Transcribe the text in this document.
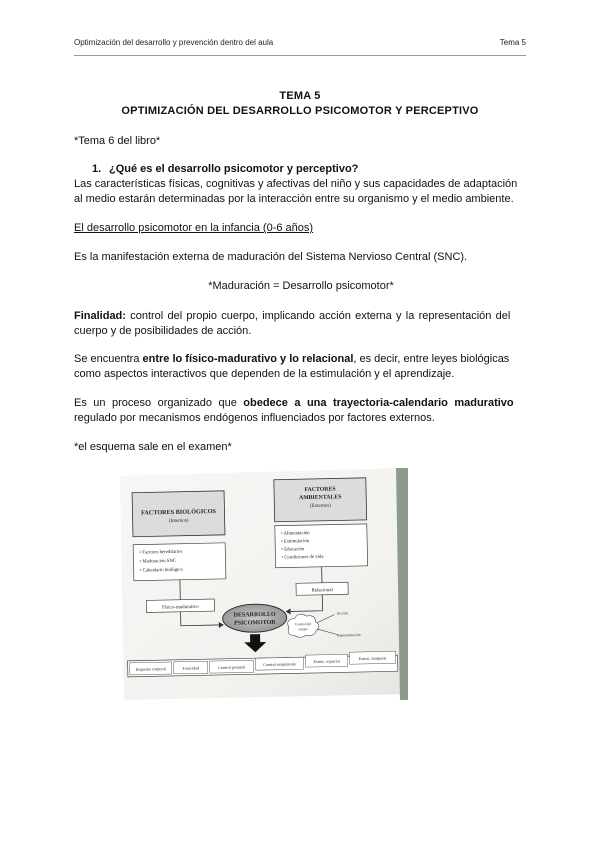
Optimización del desarrollo y prevención dentro del aula	Tema 5
TEMA 5
OPTIMIZACIÓN DEL DESARROLLO PSICOMOTOR Y PERCEPTIVO
*Tema 6 del libro*
1. ¿Qué es el desarrollo psicomotor y perceptivo?
Las características físicas, cognitivas y afectivas del niño y sus capacidades de adaptación
al medio estarán determinadas por la interacción entre su organismo y el medio ambiente.
El desarrollo psicomotor en la infancia (0-6 años)
Es la manifestación externa de maduración del Sistema Nervioso Central (SNC).
*Maduración = Desarrollo psicomotor*
Finalidad: control del propio cuerpo, implicando acción externa y la representación del
cuerpo y de posibilidades de acción.
Se encuentra entre lo físico-madurativo y lo relacional, es decir, entre leyes biológicas
como aspectos interactivos que dependen de la estimulación y el aprendizaje.
Es un proceso organizado que obedece a una trayectoria-calendario madurativo
regulado por mecanismos endógenos influenciados por factores externos.
*el esquema sale en el examen*
FACTORES BIOLÓGICOS
(Internos)
• Factores hereditarios
• Maduración SNC
• Calendario biológico
FACTORES
AMBIENTALES
(Externos)
• Alimentación
• Estimulación
• Educación
• Condiciones de vida
Físico-madurativo
Relacional
DESARROLLO
PSICOMOTOR	Control del
cuerpo
Acción
Representación
Esquema corporal	Tonicidad	Control postural
Control respiratorio
Estruc. espacial
Estruc. temporal
